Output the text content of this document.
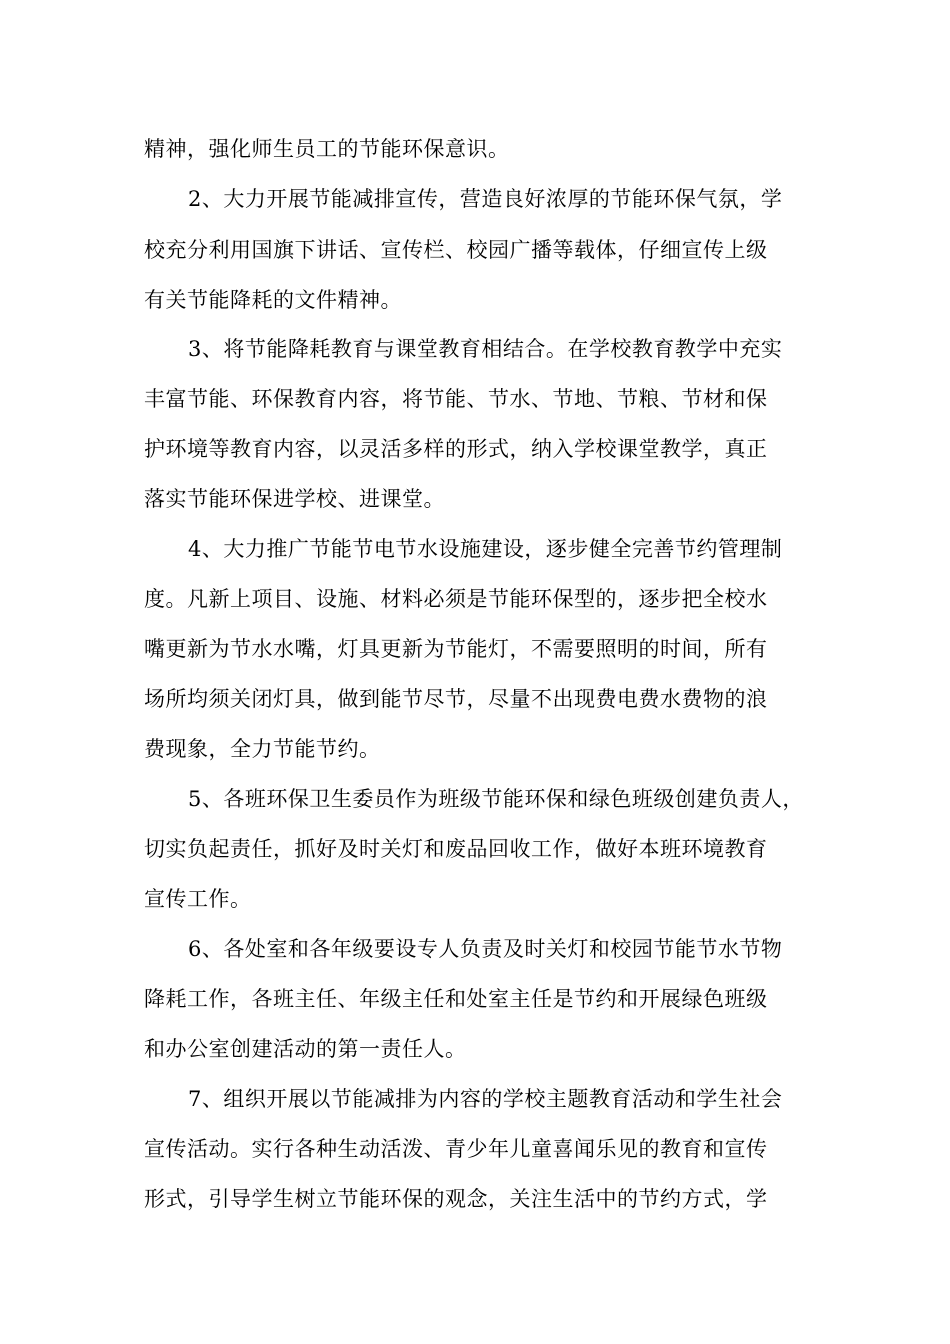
精神，强化师生员工的节能环保意识。
2、大力开展节能减排宣传，营造良好浓厚的节能环保气氛，学
校充分利用国旗下讲话、宣传栏、校园广播等载体，仔细宣传上级
有关节能降耗的文件精神。
3、将节能降耗教育与课堂教育相结合。在学校教育教学中充实
丰富节能、环保教育内容，将节能、节水、节地、节粮、节材和保
护环境等教育内容，以灵活多样的形式，纳入学校课堂教学，真正
落实节能环保进学校、进课堂。
4、大力推广节能节电节水设施建设，逐步健全完善节约管理制
度。凡新上项目、设施、材料必须是节能环保型的，逐步把全校水
嘴更新为节水水嘴，灯具更新为节能灯，不需要照明的时间，所有
场所均须关闭灯具，做到能节尽节，尽量不出现费电费水费物的浪
费现象，全力节能节约。
5、各班环保卫生委员作为班级节能环保和绿色班级创建负责人，
切实负起责任，抓好及时关灯和废品回收工作，做好本班环境教育
宣传工作。
6、各处室和各年级要设专人负责及时关灯和校园节能节水节物
降耗工作，各班主任、年级主任和处室主任是节约和开展绿色班级
和办公室创建活动的第一责任人。
7、组织开展以节能减排为内容的学校主题教育活动和学生社会
宣传活动。实行各种生动活泼、青少年儿童喜闻乐见的教育和宣传
形式，引导学生树立节能环保的观念，关注生活中的节约方式，学
